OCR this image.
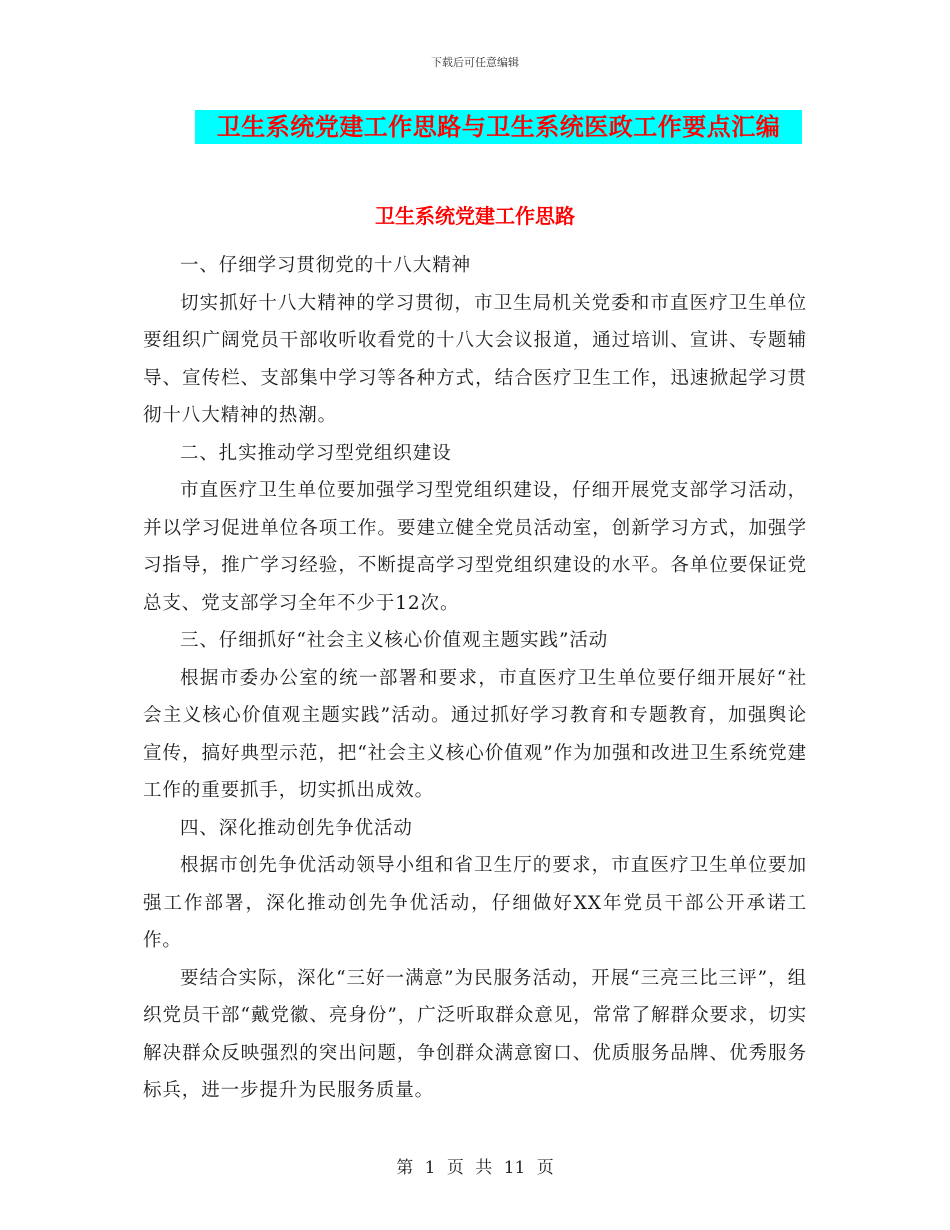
下载后可任意编辑
卫生系统党建工作思路与卫生系统医政工作要点汇编
卫生系统党建工作思路

一、仔细学习贯彻党的十八大精神

切实抓好十八大精神的学习贯彻，市卫生局机关党委和市直医疗卫生单位要组织广阔党员干部收听收看党的十八大会议报道，通过培训、宣讲、专题辅导、宣传栏、支部集中学习等各种方式，结合医疗卫生工作，迅速掀起学习贯彻十八大精神的热潮。

二、扎实推动学习型党组织建设

市直医疗卫生单位要加强学习型党组织建设，仔细开展党支部学习活动，并以学习促进单位各项工作。要建立健全党员活动室，创新学习方式，加强学习指导，推广学习经验，不断提高学习型党组织建设的水平。各单位要保证党总支、党支部学习全年不少于12次。

三、仔细抓好“社会主义核心价值观主题实践”活动

根据市委办公室的统一部署和要求，市直医疗卫生单位要仔细开展好“社会主义核心价值观主题实践”活动。通过抓好学习教育和专题教育，加强舆论宣传，搞好典型示范，把“社会主义核心价值观”作为加强和改进卫生系统党建工作的重要抓手，切实抓出成效。

四、深化推动创先争优活动

根据市创先争优活动领导小组和省卫生厅的要求，市直医疗卫生单位要加强工作部署，深化推动创先争优活动，仔细做好XX年党员干部公开承诺工作。

要结合实际，深化“三好一满意”为民服务活动，开展“三亮三比三评”，组织党员干部“戴党徽、亮身份”，广泛听取群众意见，常常了解群众要求，切实解决群众反映强烈的突出问题，争创群众满意窗口、优质服务品牌、优秀服务标兵，进一步提升为民服务质量。

第 1 页 共 11 页
